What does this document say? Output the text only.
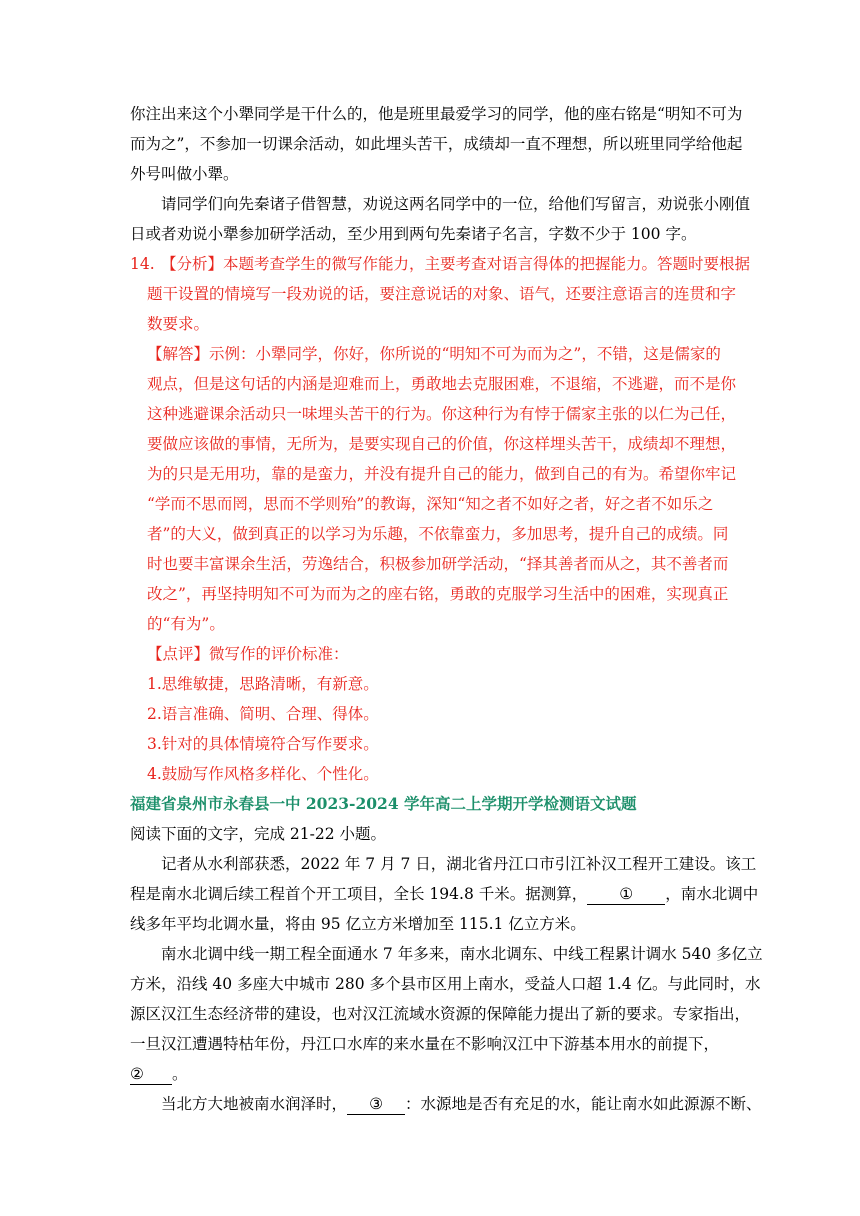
你注出来这个小犟同学是干什么的，他是班里最爱学习的同学，他的座右铭是“明知不可为
而为之”，不参加一切课余活动，如此埋头苦干，成绩却一直不理想，所以班里同学给他起
外号叫做小犟。
请同学们向先秦诸子借智慧，劝说这两名同学中的一位，给他们写留言，劝说张小刚值
日或者劝说小犟参加研学活动，至少用到两句先秦诸子名言，字数不少于 100 字。
14. 【分析】本题考查学生的微写作能力，主要考查对语言得体的把握能力。答题时要根据
题干设置的情境写一段劝说的话，要注意说话的对象、语气，还要注意语言的连贯和字
数要求。
【解答】示例：小犟同学，你好，你所说的“明知不可为而为之”，不错，这是儒家的
观点，但是这句话的内涵是迎难而上，勇敢地去克服困难，不退缩，不逃避，而不是你
这种逃避课余活动只一味埋头苦干的行为。你这种行为有悖于儒家主张的以仁为己任，
要做应该做的事情，无所为，是要实现自己的价值，你这样埋头苦干，成绩却不理想，
为的只是无用功，靠的是蛮力，并没有提升自己的能力，做到自己的有为。希望你牢记
“学而不思而罔，思而不学则殆”的教诲，深知“知之者不如好之者，好之者不如乐之
者”的大义，做到真正的以学习为乐趣，不依靠蛮力，多加思考，提升自己的成绩。同
时也要丰富课余生活，劳逸结合，积极参加研学活动，“择其善者而从之，其不善者而
改之”，再坚持明知不可为而为之的座右铭，勇敢的克服学习生活中的困难，实现真正
的“有为”。
【点评】微写作的评价标准：
1.思维敏捷，思路清晰，有新意。
2.语言准确、简明、合理、得体。
3.针对的具体情境符合写作要求。
4.鼓励写作风格多样化、个性化。
福建省泉州市永春县一中 2023-2024 学年高二上学期开学检测语文试题
阅读下面的文字，完成 21-22 小题。
记者从水利部获悉，2022 年 7 月 7 日，湖北省丹江口市引江补汉工程开工建设。该工
程是南水北调后续工程首个开工项目，全长 194.8 千米。据测算， ① ，南水北调中
线多年平均北调水量，将由 95 亿立方米增加至 115.1 亿立方米。
南水北调中线一期工程全面通水 7 年多来，南水北调东、中线工程累计调水 540 多亿立
方米，沿线 40 多座大中城市 280 多个县市区用上南水，受益人口超 1.4 亿。与此同时，水
源区汉江生态经济带的建设，也对汉江流域水资源的保障能力提出了新的要求。专家指出，
一旦汉江遭遇特枯年份，丹江口水库的来水量在不影响汉江中下游基本用水的前提下，
② 。
当北方大地被南水润泽时， ③ ：水源地是否有充足的水，能让南水如此源源不断、
